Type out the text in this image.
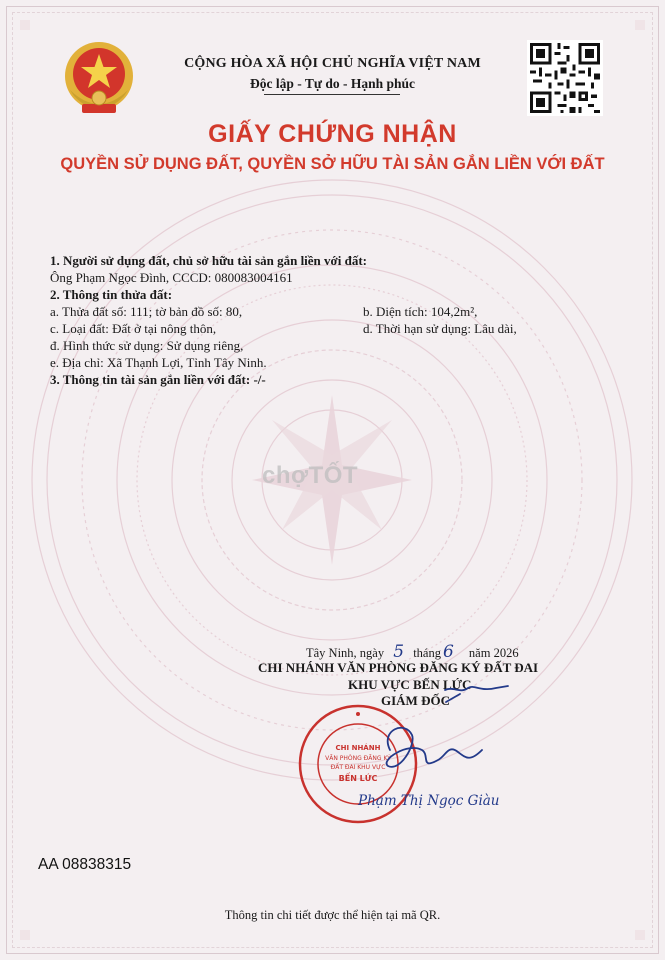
CỘNG HÒA XÃ HỘI CHỦ NGHĨA VIỆT NAM
Độc lập - Tự do - Hạnh phúc
GIẤY CHỨNG NHẬN
QUYỀN SỬ DỤNG ĐẤT, QUYỀN SỞ HỮU TÀI SẢN GẮN LIỀN VỚI ĐẤT
1. Người sử dụng đất, chủ sở hữu tài sản gắn liền với đất:
Ông Phạm Ngọc Đình, CCCD: 080083004161
2. Thông tin thửa đất:
a. Thửa đất số: 111; tờ bản đồ số: 80,	b. Diện tích: 104,2m²,
c. Loại đất: Đất ở tại nông thôn,	d. Thời hạn sử dụng: Lâu dài,
đ. Hình thức sử dụng: Sử dụng riêng,
e. Địa chỉ: Xã Thạnh Lợi, Tỉnh Tây Ninh.
3. Thông tin tài sản gắn liền với đất: -/-
chợTỐT
Tây Ninh, ngày 5 tháng 6 năm 2026
CHI NHÁNH VĂN PHÒNG ĐĂNG KÝ ĐẤT ĐAI
KHU VỰC BẾN LỨC
GIÁM ĐỐC
CHI NHÁNH
VĂN PHÒNG ĐĂNG KÝ
ĐẤT ĐAI KHU VỰC
BẾN LỨC
Phạm Thị Ngọc Giàu
AA 08838315
Thông tin chi tiết được thể hiện tại mã QR.
